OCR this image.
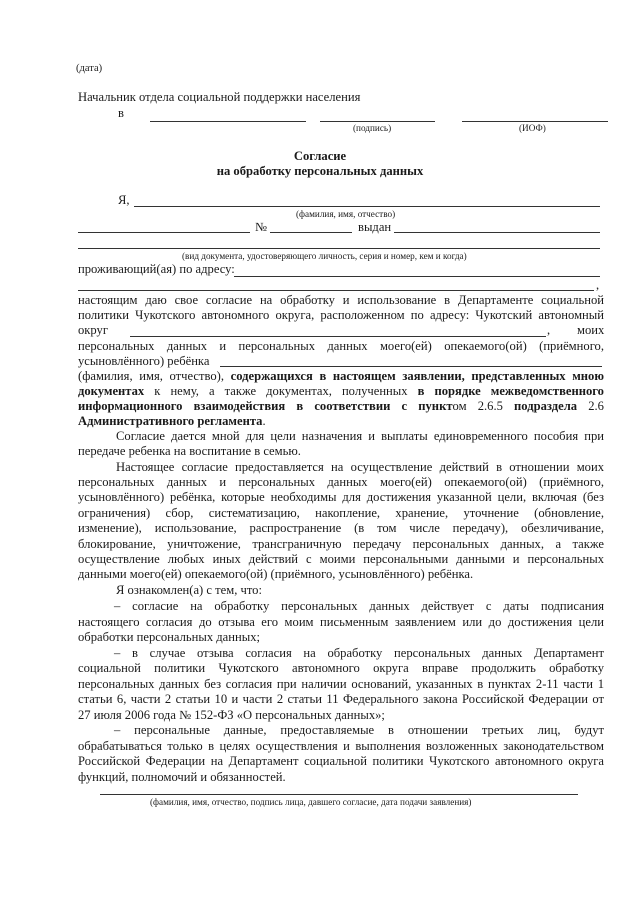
(дата)
Начальник отдела социальной поддержки населения
в
(подпись)	(ИОФ)
Согласие
на обработку персональных данных
Я,
(фамилия, имя, отчество)
№	выдан
(вид документа, удостоверяющего личность, серия и номер, кем и когда)
проживающий(ая) по адресу:
,
настоящим даю свое согласие на обработку и использование в Департаменте социальной
политики Чукотского автономного округа, расположенном по адресу: Чукотский автономный
округ	, моих
персональных данных и персональных данных моего(ей) опекаемого(ой) (приёмного,
усыновлённого) ребёнка
(фамилия, имя, отчество), содержащихся в настоящем заявлении, представленных мною
документах к нему, а также документах, полученных в порядке межведомственного
информационного взаимодействия в соответствии с пунктом 2.6.5 подраздела 2.6
Административного регламента.
Согласие дается мной для цели назначения и выплаты единовременного пособия при
передаче ребенка на воспитание в семью.
Настоящее согласие предоставляется на осуществление действий в отношении моих
персональных данных и персональных данных моего(ей) опекаемого(ой) (приёмного,
усыновлённого) ребёнка, которые необходимы для достижения указанной цели, включая (без
ограничения) сбор, систематизацию, накопление, хранение, уточнение (обновление,
изменение), использование, распространение (в том числе передачу), обезличивание,
блокирование, уничтожение, трансграничную передачу персональных данных, а также
осуществление любых иных действий с моими персональными данными и персональных
данными моего(ей) опекаемого(ой) (приёмного, усыновлённого) ребёнка.
Я ознакомлен(а) с тем, что:
– согласие на обработку персональных данных действует с даты подписания
настоящего согласия до отзыва его моим письменным заявлением или до достижения цели
обработки персональных данных;
– в случае отзыва согласия на обработку персональных данных Департамент
социальной политики Чукотского автономного округа вправе продолжить обработку
персональных данных без согласия при наличии оснований, указанных в пунктах 2-11 части 1
статьи 6, части 2 статьи 10 и части 2 статьи 11 Федерального закона Российской Федерации от
27 июля 2006 года № 152-ФЗ «О персональных данных»;
– персональные данные, предоставляемые в отношении третьих лиц, будут
обрабатываться только в целях осуществления и выполнения возложенных законодательством
Российской Федерации на Департамент социальной политики Чукотского автономного округа
функций, полномочий и обязанностей.
(фамилия, имя, отчество, подпись лица, давшего согласие, дата подачи заявления)
